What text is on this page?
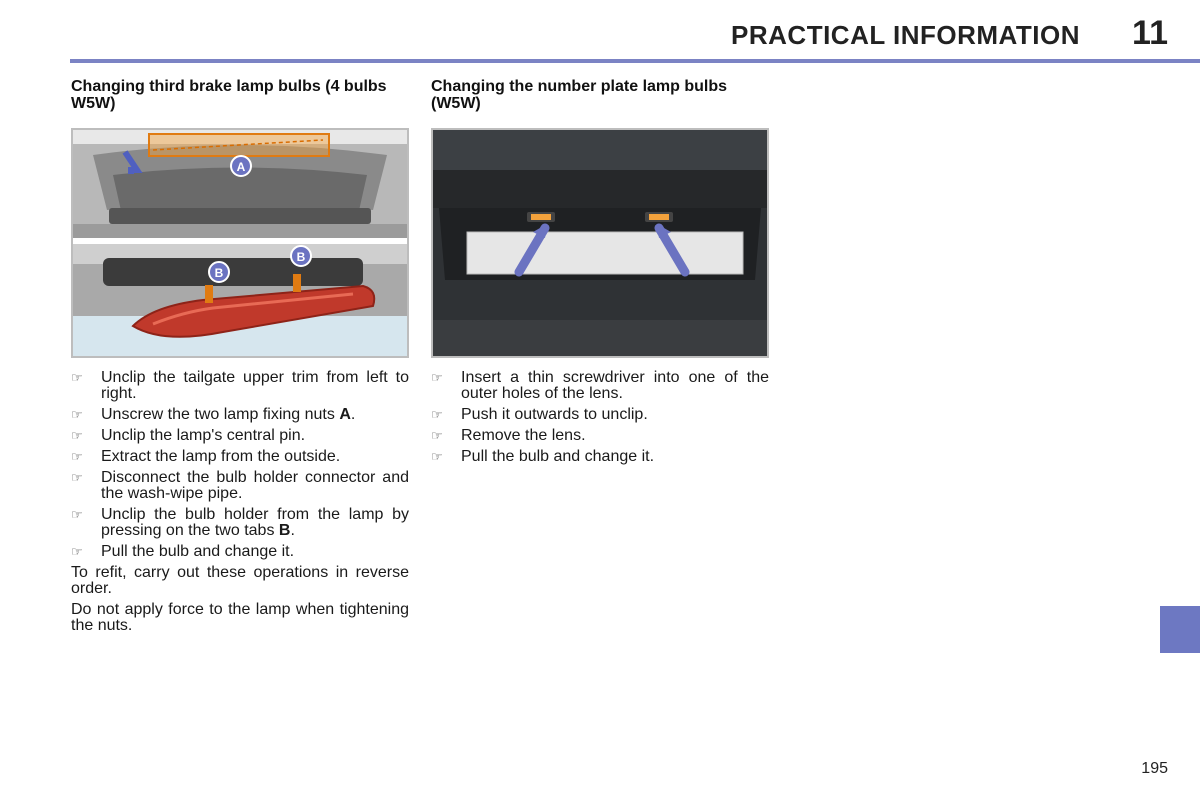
PRACTICAL INFORMATION 11
Changing third brake lamp bulbs (4 bulbs W5W)
A
B
B
☞	Unclip the tailgate upper trim from left to right.
☞	Unscrew the two lamp fixing nuts A.
☞	Unclip the lamp's central pin.
☞	Extract the lamp from the outside.
☞	Disconnect the bulb holder connector and the wash-wipe pipe.
☞	Unclip the bulb holder from the lamp by pressing on the two tabs B.
☞	Pull the bulb and change it.

To refit, carry out these operations in reverse order.

Do not apply force to the lamp when tightening the nuts.

Changing the number plate lamp bulbs (W5W)
☞	Insert a thin screwdriver into one of the outer holes of the lens.
☞	Push it outwards to unclip.
☞	Remove the lens.
☞	Pull the bulb and change it.
195
